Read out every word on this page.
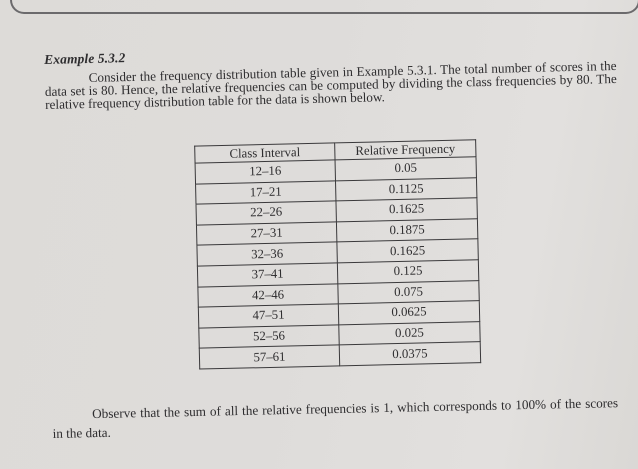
Example 5.3.2

Consider the frequency distribution table given in Example 5.3.1. The total number of scores in the data set is 80. Hence, the relative frequencies can be computed by dividing the class frequencies by 80. The relative frequency distribution table for the data is shown below.

Class Interval	Relative Frequency
12–16	0.05
17–21	0.1125
22–26	0.1625
27–31	0.1875
32–36	0.1625
37–41	0.125
42–46	0.075
47–51	0.0625
52–56	0.025
57–61	0.0375

Observe that the sum of all the relative frequencies is 1, which corresponds to 100% of the scores in the data.
